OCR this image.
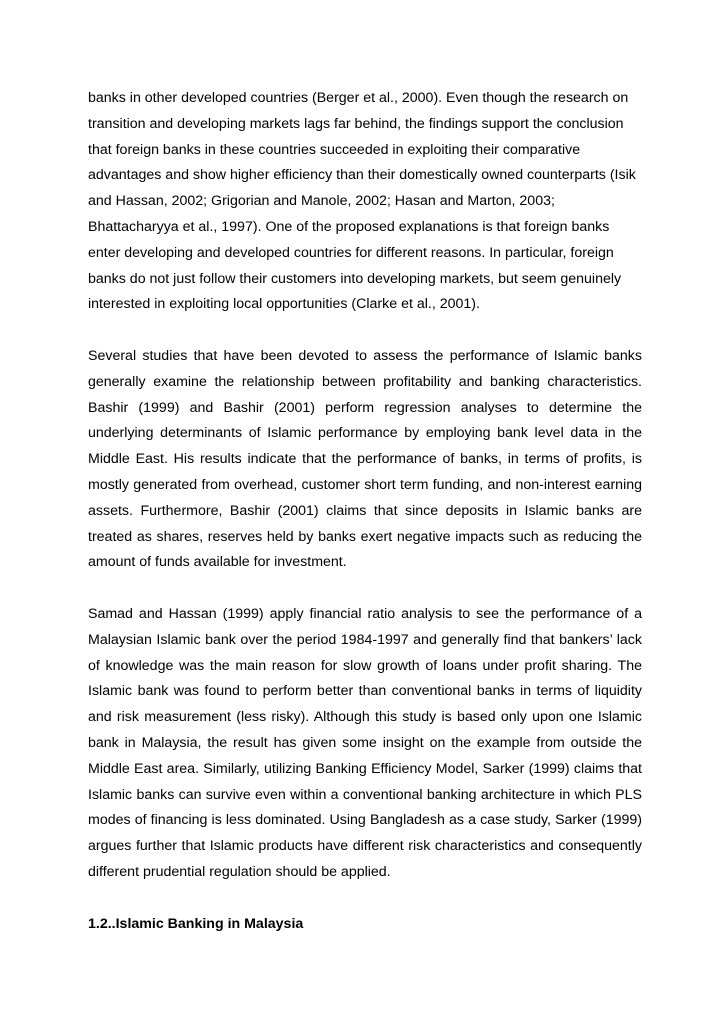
banks in other developed countries (Berger et al., 2000). Even though the research on transition and developing markets lags far behind, the findings support the conclusion that foreign banks in these countries succeeded in exploiting their comparative advantages and show higher efficiency than their domestically owned counterparts (Isik and Hassan, 2002; Grigorian and Manole, 2002; Hasan and Marton, 2003; Bhattacharyya et al., 1997). One of the proposed explanations is that foreign banks enter developing and developed countries for different reasons. In particular, foreign banks do not just follow their customers into developing markets, but seem genuinely interested in exploiting local opportunities (Clarke et al., 2001).

Several studies that have been devoted to assess the performance of Islamic banks generally examine the relationship between profitability and banking characteristics. Bashir (1999) and Bashir (2001) perform regression analyses to determine the underlying determinants of Islamic performance by employing bank level data in the Middle East. His results indicate that the performance of banks, in terms of profits, is mostly generated from overhead, customer short term funding, and non-interest earning assets. Furthermore, Bashir (2001) claims that since deposits in Islamic banks are treated as shares, reserves held by banks exert negative impacts such as reducing the amount of funds available for investment.

Samad and Hassan (1999) apply financial ratio analysis to see the performance of a Malaysian Islamic bank over the period 1984-1997 and generally find that bankers’ lack of knowledge was the main reason for slow growth of loans under profit sharing. The Islamic bank was found to perform better than conventional banks in terms of liquidity and risk measurement (less risky). Although this study is based only upon one Islamic bank in Malaysia, the result has given some insight on the example from outside the Middle East area. Similarly, utilizing Banking Efficiency Model, Sarker (1999) claims that Islamic banks can survive even within a conventional banking architecture in which PLS modes of financing is less dominated. Using Bangladesh as a case study, Sarker (1999) argues further that Islamic products have different risk characteristics and consequently different prudential regulation should be applied.

1.2..Islamic Banking in Malaysia
